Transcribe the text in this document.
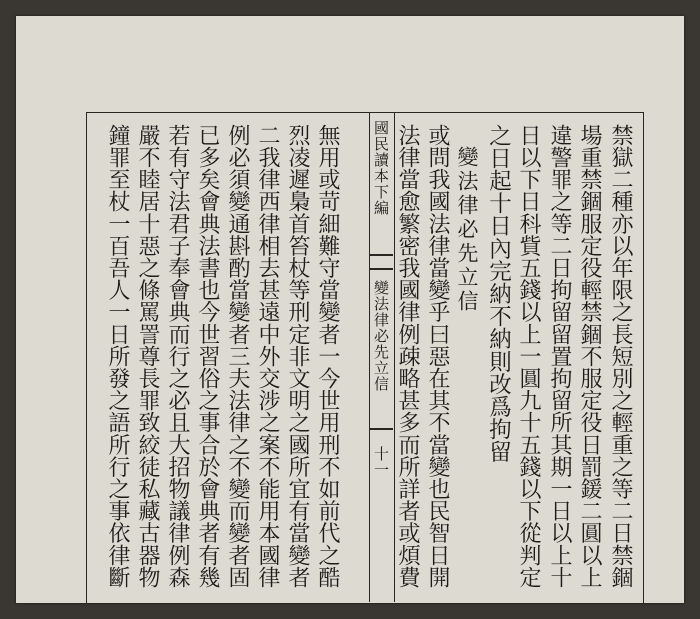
國民讀本下編
變法律必先立信
十一	禁獄二種亦以年限之長短別之輕重之等二日禁錮
場重禁錮服定役輕禁錮不服定役日罰鍰二圓以上
違警罪之等二日拘留留置拘留所其期一日以上十
日以下日科貲五錢以上一圓九十五錢以下從判定
之日起十日內完納不納則改爲拘留
變法律必先立信
或問我國法律當變乎曰惡在其不當變也民智日開
法律當愈繁密我國律例疎略甚多而所詳者或煩費
無用或苛細難守當變者一今世用刑不如前代之酷
烈凌遲梟首笞杖等刑定非文明之國所宜有當變者
二我律西律相去甚遠中外交涉之案不能用本國律
例必須變通斟酌當變者三夫法律之不變而變者固
已多矣會典法書也今世習俗之事合於會典者有幾
若有守法君子奉會典而行之必且大招物議律例森
嚴不睦居十惡之條罵詈尊長罪致絞徒私藏古器物
鐘罪至杖一百吾人一日所發之語所行之事依律斷
